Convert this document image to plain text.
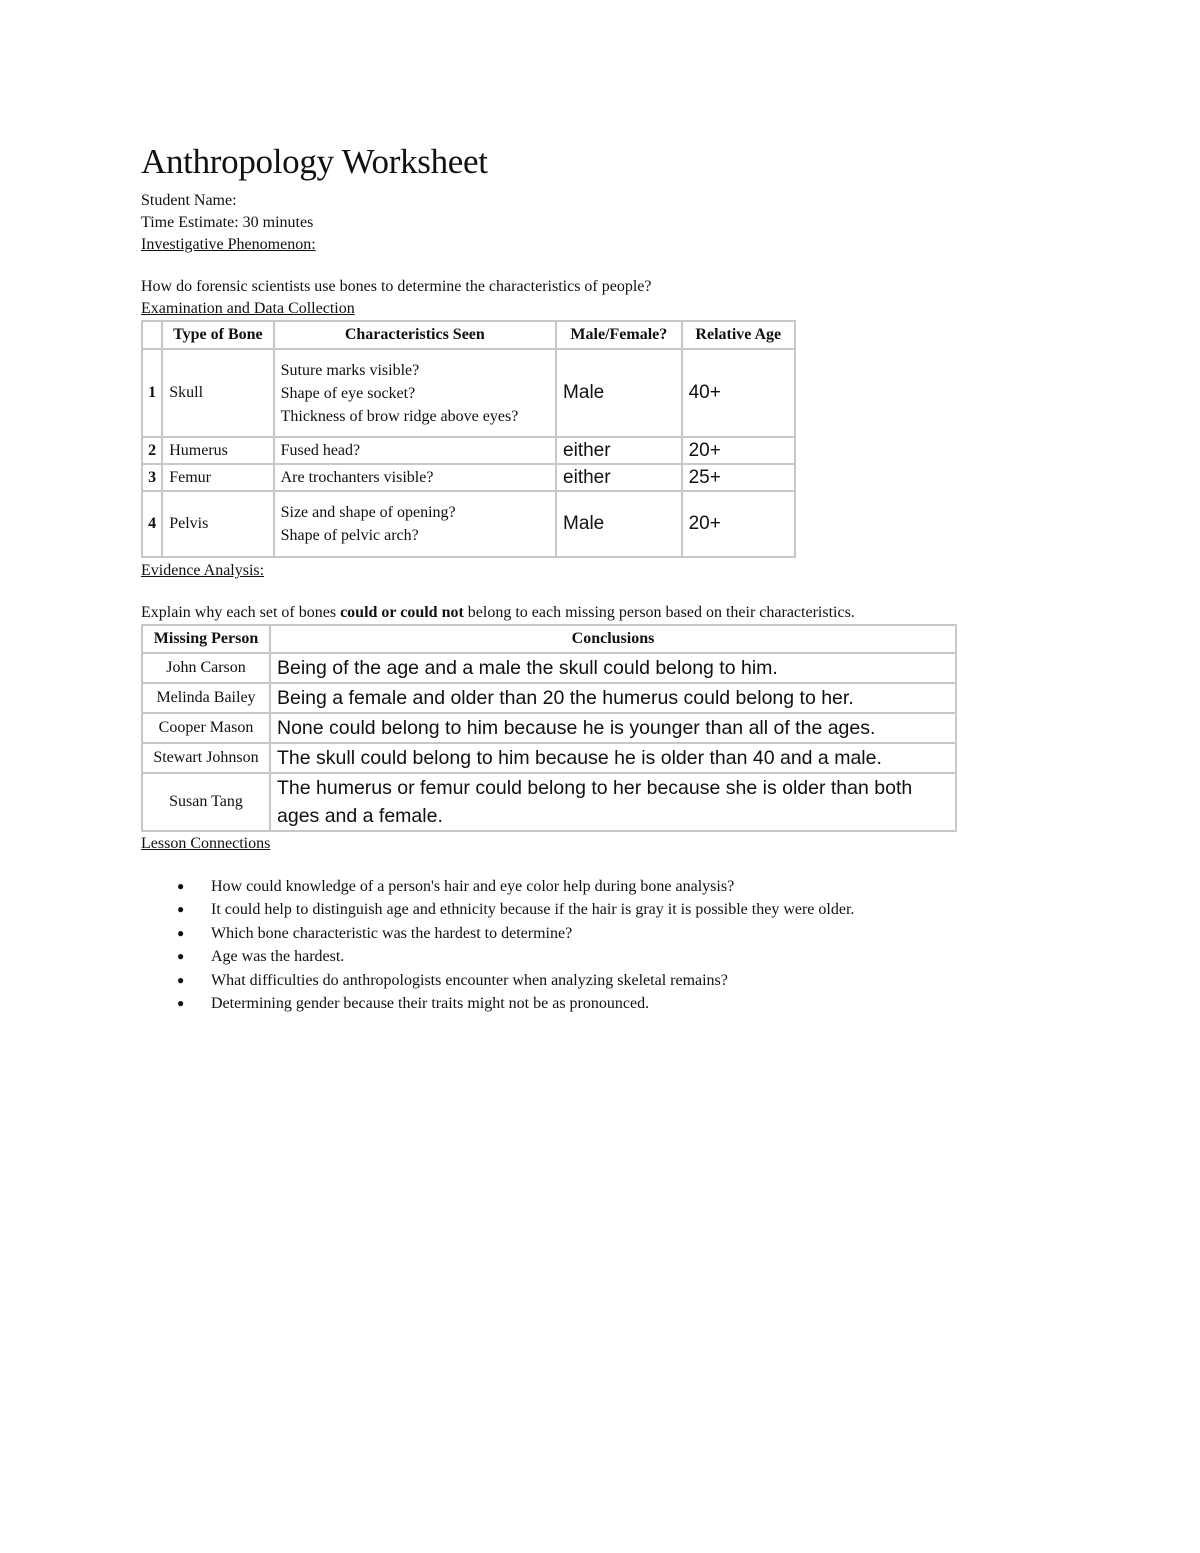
Anthropology Worksheet
Student Name:
Time Estimate: 30 minutes
Investigative Phenomenon:
How do forensic scientists use bones to determine the characteristics of people?
Examination and Data Collection
	Type of Bone	Characteristics Seen	Male/Female?	Relative Age
1	Skull	Suture marks visible?
Shape of eye socket?
Thickness of brow ridge above eyes?	Male	40+
2	Humerus	Fused head?	either	20+
3	Femur	Are trochanters visible?	either	25+
4	Pelvis	Size and shape of opening?
Shape of pelvic arch?	Male	20+
Evidence Analysis:
Explain why each set of bones could or could not belong to each missing person based on their characteristics.
Missing Person	Conclusions
John Carson	Being of the age and a male the skull could belong to him.
Melinda Bailey	Being a female and older than 20 the humerus could belong to her.
Cooper Mason	None could belong to him because he is younger than all of the ages.
Stewart Johnson	The skull could belong to him because he is older than 40 and a male.
Susan Tang	The humerus or femur could belong to her because she is older than both ages and a female.
Lesson Connections
● How could knowledge of a person's hair and eye color help during bone analysis?
● It could help to distinguish age and ethnicity because if the hair is gray it is possible they were older.
● Which bone characteristic was the hardest to determine?
● Age was the hardest.
● What difficulties do anthropologists encounter when analyzing skeletal remains?
● Determining gender because their traits might not be as pronounced.
